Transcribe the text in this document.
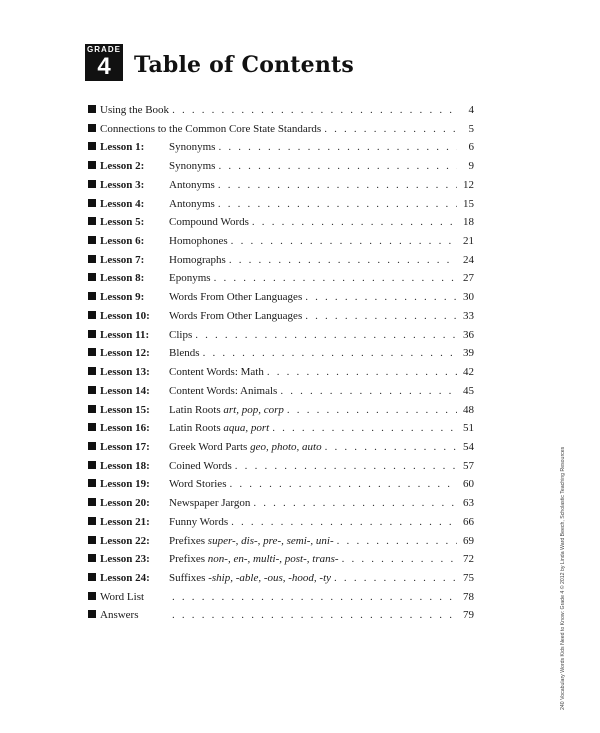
GRADE
4	Table of Contents
Using the Book . . .	4
Connections to the Common Core State Standards . . .	5
Lesson 1:	Synonyms . . .	6
Lesson 2:	Synonyms . . .	9
Lesson 3:	Antonyms . . .	12
Lesson 4:	Antonyms . . .	15
Lesson 5:	Compound Words . . .	18
Lesson 6:	Homophones . . .	21
Lesson 7:	Homographs . . .	24
Lesson 8:	Eponyms . . .	27
Lesson 9:	Words From Other Languages . . .	30
Lesson 10:	Words From Other Languages . . .	33
Lesson 11:	Clips . . .	36
Lesson 12:	Blends . . .	39
Lesson 13:	Content Words: Math . . .	42
Lesson 14:	Content Words: Animals . . .	45
Lesson 15:	Latin Roots art, pop, corp . . .	48
Lesson 16:	Latin Roots aqua, port . . .	51
Lesson 17:	Greek Word Parts geo, photo, auto . . .	54
Lesson 18:	Coined Words . . .	57
Lesson 19:	Word Stories . . .	60
Lesson 20:	Newspaper Jargon . . .	63
Lesson 21:	Funny Words . . .	66
Lesson 22:	Prefixes super-, dis-, pre-, semi-, uni- . . .	69
Lesson 23:	Prefixes non-, en-, multi-, post-, trans- . . .	72
Lesson 24:	Suffixes -ship, -able, -ous, -hood, -ty . . .	75
Word List . . .	78
Answers . . .	79	240 Vocabulary Words Kids Need to Know: Grade 4 © 2012 by Linda Ward Beech, Scholastic Teaching Resources
